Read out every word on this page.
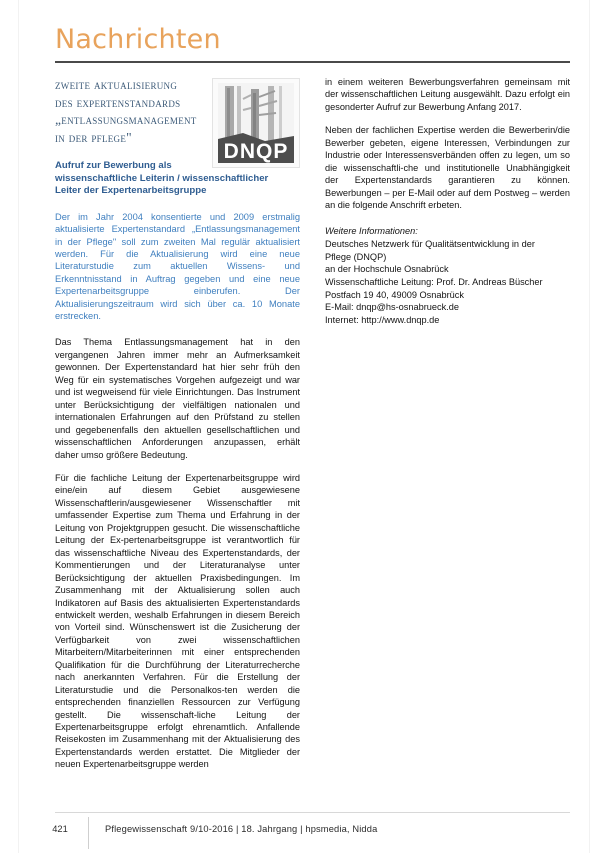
Nachrichten
zweite aktualisierung
des expertenstandards
„entlassungsmanagement
in der pflege"
DNQP

Aufruf zur Bewerbung als
wissenschaftliche Leiterin / wissenschaftlicher
Leiter der Expertenarbeitsgruppe

Der im Jahr 2004 konsentierte und 2009 erstmalig aktualisierte Expertenstandard „Entlassungsmanagement in der Pflege" soll zum zweiten Mal regulär aktualisiert werden. Für die Aktualisierung wird eine neue Literaturstudie zum aktuellen Wissens- und Erkenntnisstand in Auftrag gegeben und eine neue Expertenarbeitsgruppe einberufen. Der Aktualisierungszeitraum wird sich über ca. 10 Monate erstrecken.

Das Thema Entlassungsmanagement hat in den vergangenen Jahren immer mehr an Aufmerksamkeit gewonnen. Der Expertenstandard hat hier sehr früh den Weg für ein systematisches Vorgehen aufgezeigt und war und ist wegweisend für viele Einrichtungen. Das Instrument unter Berücksichtigung der vielfältigen nationalen und internationalen Erfahrungen auf den Prüfstand zu stellen und gegebenenfalls den aktuellen gesellschaftlichen und wissenschaftlichen Anforderungen anzupassen, erhält daher umso größere Bedeutung.

Für die fachliche Leitung der Expertenarbeitsgruppe wird eine/ein auf diesem Gebiet ausgewiesene Wissenschaftlerin/ausgewiesener Wissenschaftler mit umfassender Expertise zum Thema und Erfahrung in der Leitung von Projektgruppen gesucht. Die wissenschaftliche Leitung der Ex-pertenarbeitsgruppe ist verantwortlich für das wissenschaftliche Niveau des Expertenstandards, der Kommentierungen und der Literaturanalyse unter Berücksichtigung der aktuellen Praxisbedingungen. Im Zusammenhang mit der Aktualisierung sollen auch Indikatoren auf Basis des aktualisierten Expertenstandards entwickelt werden, weshalb Erfahrungen in diesem Bereich von Vorteil sind. Wünschenswert ist die Zusicherung der Verfügbarkeit von zwei wissenschaftlichen Mitarbeitern/Mitarbeiterinnen mit einer entsprechenden Qualifikation für die Durchführung der Literaturrecherche nach anerkannten Verfahren. Für die Erstellung der Literaturstudie und die Personalkos-ten werden die entsprechenden finanziellen Ressourcen zur Verfügung gestellt. Die wissenschaft-liche Leitung der Expertenarbeitsgruppe erfolgt ehrenamtlich. Anfallende Reisekosten im Zusammenhang mit der Aktualisierung des Expertenstandards werden erstattet. Die Mitglieder der neuen Expertenarbeitsgruppe werden

in einem weiteren Bewerbungsverfahren gemeinsam mit der wissenschaftlichen Leitung ausgewählt. Dazu erfolgt ein gesonderter Aufruf zur Bewerbung Anfang 2017.

Neben der fachlichen Expertise werden die Bewerberin/die Bewerber gebeten, eigene Interessen, Verbindungen zur Industrie oder Interessensverbänden offen zu legen, um so die wissenschaftli-che und institutionelle Unabhängigkeit der Expertenstandards garantieren zu können. Bewerbungen – per E-Mail oder auf dem Postweg – werden an die folgende Anschrift erbeten.

Weitere Informationen:

Deutsches Netzwerk für Qualitätsentwicklung in der

Pflege (DNQP)

an der Hochschule Osnabrück

Wissenschaftliche Leitung: Prof. Dr. Andreas Büscher

Postfach 19 40, 49009 Osnabrück

E-Mail: dnqp@hs-osnabrueck.de

Internet: http://www.dnqp.de

421	Pflegewissenschaft 9/10-2016 | 18. Jahrgang | hpsmedia, Nidda
